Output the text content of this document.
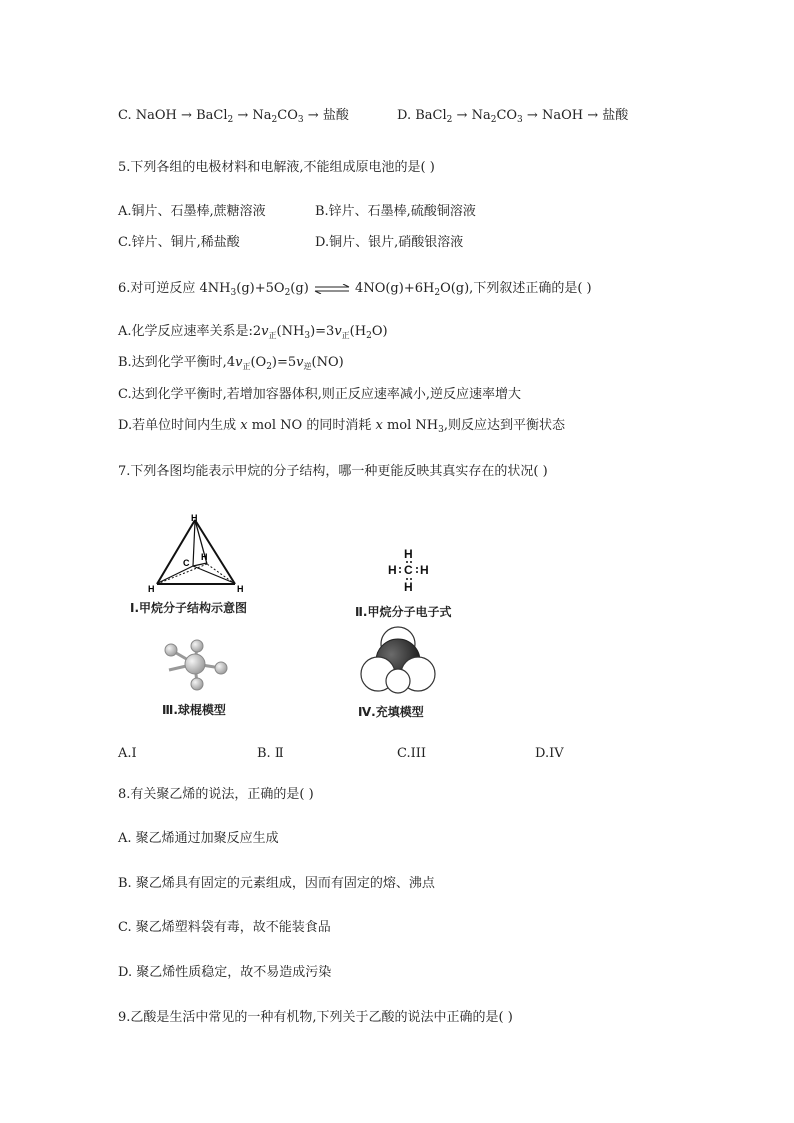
C. NaOH → BaCl$_2$ → $Na_2CO_3$ → 盐酸	D. BaCl$_2$ → $Na_2CO_3$ → NaOH → 盐酸
5.下列各组的电极材料和电解液,不能组成原电池的是( )
A.铜片、石墨棒,蔗糖溶液	B.锌片、石墨棒,硫酸铜溶液
C.锌片、铜片,稀盐酸	D.铜片、银片,硝酸银溶液
6.对可逆反应 $4NH_3(g)+5O_2(g)$ ⇌ $4NO(g)+6H_2O(g)$,下列叙述正确的是( )
A.化学反应速率关系是$:2v_正(NH_3)=3v_正(H_2O)$
B.达到化学平衡时$,4v_正(O_2)=5v_逆(NO)$
C.达到化学平衡时,若增加容器体积,则正反应速率减小,逆反应速率增大
D.若单位时间内生成 x mol NO 的同时消耗 x mol $NH_3$,则反应达到平衡状态
7.下列各图均能表示甲烷的分子结构，哪一种更能反映其真实存在的状况( )
H
C
H
H	H
Ⅰ.甲烷分子结构示意图
H
H C H
H
Ⅱ.甲烷分子电子式
Ⅲ.球棍模型	Ⅳ.充填模型
A.I	B. Ⅱ	C.III	D.IV
8.有关聚乙烯的说法，正确的是( )
A. 聚乙烯通过加聚反应生成
B. 聚乙烯具有固定的元素组成，因而有固定的熔、沸点
C. 聚乙烯塑料袋有毒，故不能装食品
D. 聚乙烯性质稳定，故不易造成污染
9.乙酸是生活中常见的一种有机物,下列关于乙酸的说法中正确的是( )
